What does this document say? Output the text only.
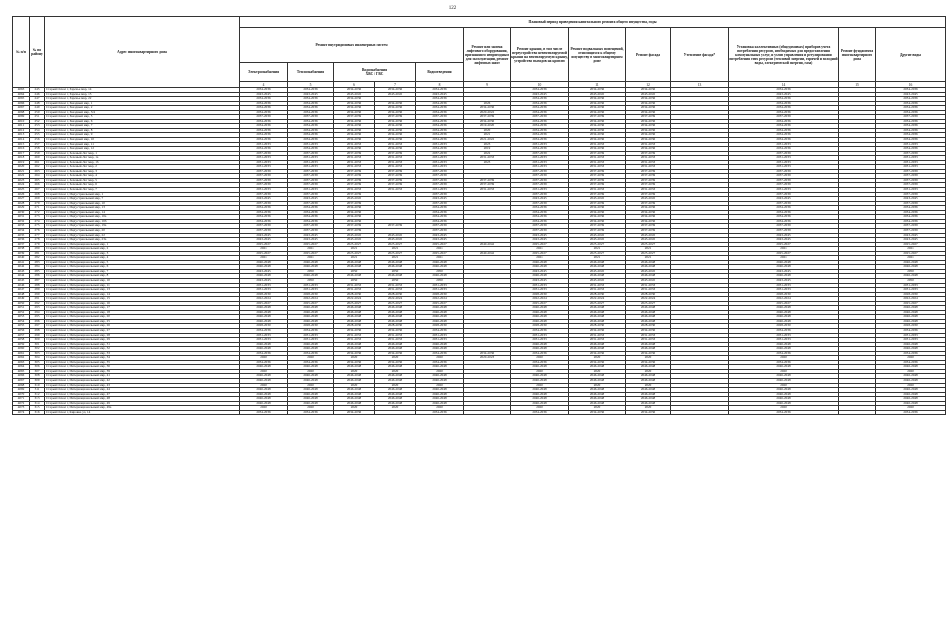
122
№ п/п	№ по району	Адрес многоквартирного дома	Плановый период проведения капитального ремонта общего имущества, годы												
			Ремонт внутридомовых инженерных систем					Ремонт или замена лифтового оборудования, признанного непригодным для эксплуатации, ремонт лифтовых шахт	Ремонт крыши, в том числе переустройство невентилируемой крыши на вентилируемую крышу, устройство выходов на кровлю	Ремонт подвальных помещений, относящихся к общему имуществу в многоквартирном доме	Ремонт фасада	Утепление фасада*	Установка коллективных (общедомовых) приборов учета потребления ресурсов, необходимых для предоставления коммунальных услуг, и узлов управления и регулирования потребления этих ресурсов (тепловой энергии, горячей и холодной воды, электрической энергии, газа)	Ремонт фундамента многоквартирного дома	Другие виды
			Электроснабжения	Теплоснабжения	Водоснабжения
ХВС / ГВС		Водоотведения								
			4	5	6	7	8	9	10	11	12	13	14	15	16
4063	245	Старый Оскол г, Заречье мкр, 14	2034-2036	2034-2036	2034-2036	2034-2036	2034-2036		2034-2036	2034-2036	2034-2036		2034-2036		2034-2036
4064	246	Старый Оскол г, Заречье мкр, 15	2043-2045	2043-2045	2043-2045	2043-2045	2043-2045		2043-2045	2043-2045	2043-2045		2043-2045		2043-2045
4065	247	Старый Оскол г, Заречье мкр, 22	2034-2036	2034-2036	2034-2036		2034-2036		2034-2036	2034-2036	2034-2036		2034-2036		2034-2036
4066	248	Старый Оскол г, Звездный мкр, 1	2034-2036	2034-2036	2034-2036	2034-2036	2034-2036	2026	2034-2036	2034-2036	2034-2036		2034-2036		2034-2036
4067	249	Старый Оскол г, Звездный мкр, 2	2034-2036	2034-2036	2034-2036	2034-2036	2034-2036	2034-2036	2034-2036	2034-2036	2034-2036		2034-2036		2034-2036
4068	250	Старый Оскол г, Звездный мкр, 3/4	2034-2036	2034-2036	2034-2036	2034-2036	2034-2036	2020-2022	2034-2036	2034-2036	2034-2036		2034-2036		2034-2036
4069	251	Старый Оскол г, Звездный мкр, 5	2037-2039	2037-2039	2037-2039	2037-2039	2037-2039	2037-2039	2037-2039	2037-2039	2037-2039		2037-2039		2037-2039
4010	252	Старый Оскол г, Звездный мкр, 6	2034-2036	2034-2036	2034-2036	2034-2036	2034-2036	2034-2036	2034-2036	2034-2036	2034-2036		2034-2036		2034-2036
4011	253	Старый Оскол г, Звездный мкр, 7	2034-2036	2034-2036	2034-2036	2034-2036	2034-2036	2019-2020	2034-2036	2034-2036	2034-2036		2034-2036		2034-2036
4012	254	Старый Оскол г, Звездный мкр, 8	2034-2036	2034-2036	2034-2036	2034-2036	2034-2036	2020	2034-2036	2034-2036	2034-2036		2034-2036		2034-2036
4013	255	Старый Оскол г, Звездный мкр, 9	2034-2036	2034-2036	2034-2036	2034-2036	2034-2036	2021	2034-2036	2034-2036	2034-2036		2034-2036		2034-2036
4014	256	Старый Оскол г, Звездный мкр, 10	2034-2036	2034-2036	2034-2036	2034-2036	2034-2036	2021-2022	2034-2036	2034-2036	2034-2036		2034-2036		2034-2036
4015	257	Старый Оскол г, Звездный мкр, 11	2031-2033	2031-2033	2031-2033	2031-2033	2031-2033	2023	2031-2033	2031-2033	2031-2033		2031-2033		2031-2033
4016	258	Старый Оскол г, Звездный мкр, 12	2034-2036	2034-2036	2034-2036	2034-2036	2034-2036	2019	2034-2036	2034-2036	2034-2036		2034-2036		2034-2036
4017	259	Старый Оскол г, Зеленый Лог мкр, 1	2037-2039	2037-2039	2037-2039	2037-2039	2037-2039	2022	2037-2039	2037-2039	2037-2039		2037-2039		2037-2039
4018	260	Старый Оскол г, Зеленый Лог мкр, 1а	2031-2033	2031-2033	2031-2033	2031-2033	2031-2033	2031-2033	2031-2033	2031-2033	2031-2033		2031-2033		2031-2033
4019	261	Старый Оскол г, Зеленый Лог мкр, 1б	2031-2033	2031-2033	2031-2033	2031-2033	2031-2033	2023	2031-2033	2031-2033	2031-2033		2031-2033		2031-2033
4020	262	Старый Оскол г, Зеленый Лог мкр, 2	2031-2033	2031-2033	2031-2033	2031-2033	2031-2033		2031-2033	2031-2033	2031-2033		2031-2033		2031-2033
4021	263	Старый Оскол г, Зеленый Лог мкр, 3	2037-2039	2037-2039	2037-2039	2037-2039	2037-2039		2037-2039	2037-2039	2037-2039		2037-2039		2037-2039
4022	264	Старый Оскол г, Зеленый Лог мкр, 4	2037-2039	2037-2039	2037-2039	2037-2039	2037-2039		2037-2039	2037-2039	2037-2039		2037-2039		2037-2039
4023	265	Старый Оскол г, Зеленый Лог мкр, 5	2037-2039	2037-2039	2037-2039	2037-2039	2037-2039	2037-2039	2037-2039	2037-2039	2037-2039		2037-2039		2037-2039
4024	266	Старый Оскол г, Зеленый Лог мкр, 6	2037-2039	2037-2039	2037-2039	2037-2039	2037-2039	2037-2039	2037-2039	2037-2039	2037-2039		2037-2039		2037-2039
4025	267	Старый Оскол г, Зеленый Лог мкр, 7	2031-2033	2031-2033	2031-2033	2031-2033	2031-2033	2031-2033	2031-2033	2031-2033	2031-2033		2031-2033		2031-2033
4026	268	Старый Оскол г, Индустриальный мкр, 1	2037-2039	2037-2039	2037-2039		2037-2039		2037-2039	2037-2039	2037-2039		2037-2039		2037-2039
4027	269	Старый Оскол г, Индустриальный мкр, 7	2043-2045	2043-2045	2043-2045		2043-2045		2043-2045	2043-2045	2043-2045		2043-2045		2043-2045
4028	270	Старый Оскол г, Индустриальный мкр, 10	2037-2039	2037-2039	2037-2039		2037-2039		2037-2039	2037-2039	2037-2039		2037-2039		2037-2039
4029	271	Старый Оскол г, Индустриальный мкр, 13	2034-2036	2034-2036	2034-2036		2034-2036		2034-2036	2034-2036	2034-2036		2034-2036		2034-2036
4030	272	Старый Оскол г, Индустриальный мкр, 14	2034-2036	2034-2036	2034-2036		2034-2036		2034-2036	2034-2036	2034-2036		2034-2036		2034-2036
4031	273	Старый Оскол г, Индустриальный мкр, 16а	2034-2036	2034-2036	2034-2036		2034-2036		2034-2036	2034-2036	2034-2036		2034-2036		2034-2036
4032	274	Старый Оскол г, Индустриальный мкр, 16б	2034-2036	2034-2036	2034-2036		2034-2036		2034-2036	2034-2036	2034-2036		2034-2036		2034-2036
4033	275	Старый Оскол г, Индустриальный мкр, 19а	2037-2039	2037-2039	2037-2039	2037-2039	2037-2039		2037-2039	2037-2039	2037-2039		2037-2039		2037-2039
4034	276	Старый Оскол г, Индустриальный мкр, 20	2037-2039	2037-2039	2037-2039		2037-2039		2037-2039	2037-2039	2037-2039		2037-2039		2037-2039
4035	277	Старый Оскол г, Индустриальный мкр, 22	2043-2045	2043-2045	2043-2045	2043-2045	2043-2045		2043-2045	2043-2045	2043-2045		2043-2045		2043-2045
4036	278	Старый Оскол г, Индустриальный мкр, 23а	2043-2045	2043-2045	2043-2045	2043-2045	2043-2045		2043-2045	2043-2045	2043-2045		2043-2045		2043-2045
4037	279	Старый Оскол г, Интернациональный мкр, 1	2025-2027	2025-2027	2025-2027	2025-2027	2025-2027	2040-2042	2025-2027	2025-2027	2025-2027		2025-2027		2025-2027
4038	280	Старый Оскол г, Интернациональный мкр, 2	2021	2021	2021	2021	2021		2021	2021	2021		2021		2021
4039	281	Старый Оскол г, Интернациональный мкр, 3	2025-2027	2025-2027	2025-2027	2025-2027	2025-2027	2040-2042	2025-2027	2025-2027	2025-2027		2025-2027		2025-2027
4040	282	Старый Оскол г, Интернациональный мкр, 4	2021	2021	2021	2021	2021		2021	2021	2021		2021		2021
4041	283	Старый Оскол г, Интернациональный мкр, 5	2046-2048	2046-2048	2046-2048	2046-2048	2046-2048		2046-2048	2046-2048	2046-2048		2046-2048		2046-2048
4042	284	Старый Оскол г, Интернациональный мкр, 6	2046-2048	2046-2048	2046-2048	2046-2048	2046-2048		2046-2048	2046-2048	2046-2048		2046-2048		2046-2048
4043	285	Старый Оскол г, Интернациональный мкр, 7	2043-2045	2050	2050	2050	2050		2043-2045	2043-2045	2043-2045		2043-2045		2050
4044	286	Старый Оскол г, Интернациональный мкр, 8	2046-2048	2046-2048	2046-2048	2046-2048	2046-2048		2046-2048	2046-2048	2046-2048		2046-2048		2046-2048
4045	287	Старый Оскол г, Интернациональный мкр, 10	2043-2045	2050	2050	2050	2050		2043-2045	2043-2045	2043-2045		2043-2045		2050
4046	288	Старый Оскол г, Интернациональный мкр, 11	2031-2033	2031-2033	2031-2033	2031-2033	2031-2033		2031-2033	2031-2033	2031-2033		2031-2033		2031-2033
4047	289	Старый Оскол г, Интернациональный мкр, 13	2031-2033	2031-2033	2031-2033	2031-2033	2031-2033		2031-2033	2031-2033	2031-2033		2031-2033		2031-2033
4048	290	Старый Оскол г, Интернациональный мкр, 14	2028-2030	2028-2030	2028-2030	2028-2030	2028-2030		2028-2030	2028-2030	2028-2030		2028-2030		2028-2030
4049	291	Старый Оскол г, Интернациональный мкр, 15	2022-2024	2022-2024	2022-2024	2022-2024	2022-2024		2022-2024	2022-2024	2022-2024		2022-2024		2022-2024
4050	292	Старый Оскол г, Интернациональный мкр, 16	2025-2027	2025-2027	2025-2027	2025-2027	2025-2027		2025-2027	2025-2027	2025-2027		2025-2027		2025-2027
4051	293	Старый Оскол г, Интернациональный мкр, 17	2046-2048	2046-2048	2046-2048	2046-2048	2046-2048		2046-2048	2046-2048	2046-2048		2046-2048		2046-2048
4052	294	Старый Оскол г, Интернациональный мкр, 18	2046-2048	2046-2048	2046-2048	2046-2048	2046-2048		2046-2048	2046-2048	2046-2048		2046-2048		2046-2048
4053	295	Старый Оскол г, Интернациональный мкр, 20	2046-2048	2046-2048	2046-2048	2046-2048	2046-2048		2046-2048	2046-2048	2046-2048		2046-2048		2046-2048
4054	296	Старый Оскол г, Интернациональный мкр, 25	2046-2048	2046-2048	2046-2048	2046-2048	2046-2048		2046-2048	2046-2048	2046-2048		2046-2048		2046-2048
4055	297	Старый Оскол г, Интернациональный мкр, 26	2028-2030	2028-2030	2028-2030	2028-2030	2028-2030		2028-2030	2028-2030	2028-2030		2028-2030		2028-2030
4056	298	Старый Оскол г, Интернациональный мкр, 27	2034-2036	2034-2036	2034-2036	2034-2036	2034-2036		2034-2036	2034-2036	2034-2036		2034-2036		2034-2036
4057	299	Старый Оскол г, Интернациональный мкр, 28	2031-2033	2031-2033	2031-2033	2031-2033	2031-2033		2031-2033	2031-2033	2031-2033		2031-2033		2031-2033
4058	300	Старый Оскол г, Интернациональный мкр, 29	2031-2033	2031-2033	2031-2033	2031-2033	2031-2033		2031-2033	2031-2033	2031-2033		2031-2033		2031-2033
4059	301	Старый Оскол г, Интернациональный мкр, 31	2046-2048	2046-2048	2046-2048	2046-2048	2046-2048		2046-2048	2046-2048	2046-2048		2046-2048		2046-2048
4060	302	Старый Оскол г, Интернациональный мкр, 32	2046-2048	2046-2048	2046-2048	2046-2048	2046-2048		2046-2048	2046-2048	2046-2048		2046-2048		2046-2048
4061	303	Старый Оскол г, Интернациональный мкр, 33	2034-2036	2034-2036	2034-2036	2034-2036	2034-2036	2034-2036	2034-2036	2034-2036	2034-2036		2034-2036		2034-2036
4062	304	Старый Оскол г, Интернациональный мкр, 34	2020	2020	2020	2020	2020	2020-2023	2020	2020	2020		2020		2020
4063	305	Старый Оскол г, Интернациональный мкр, 35	2034-2036	2034-2036	2034-2036	2034-2036	2034-2036		2034-2036	2034-2036	2034-2036		2034-2036		2034-2036
4064	306	Старый Оскол г, Интернациональный мкр, 36	2046-2048	2046-2048	2046-2048	2046-2048	2046-2048		2046-2048	2046-2048	2046-2048		2046-2048		2046-2048
4065	307	Старый Оскол г, Интернациональный мкр, 39	2020	2020	2020	2020	2020		2020	2020	2020		2020		2020
4066	308	Старый Оскол г, Интернациональный мкр, 41	2046-2048	2046-2048	2046-2048	2046-2048	2046-2048		2046-2048	2046-2048	2046-2048		2046-2048		2046-2048
4067	309	Старый Оскол г, Интернациональный мкр, 42	2046-2048	2046-2048	2046-2048	2046-2048	2046-2048		2046-2048	2046-2048	2046-2048		2046-2048		2046-2048
4068	310	Старый Оскол г, Интернациональный мкр, 43	2020	2020	2020	2020	2020		2020	2020	2020		2020		2020
4069	311	Старый Оскол г, Интернациональный мкр, 44	2046-2048	2046-2048	2046-2048	2046-2048	2046-2048		2046-2048	2046-2048	2046-2048		2046-2048		2046-2048
4070	312	Старый Оскол г, Интернациональный мкр, 47	2046-2048	2046-2048	2046-2048	2046-2048	2046-2048		2046-2048	2046-2048	2046-2048		2046-2048		2046-2048
4071	313	Старый Оскол г, Интернациональный мкр, 48	2046-2048	2046-2048	2046-2048	2046-2048	2046-2048		2046-2048	2046-2048	2046-2048		2046-2048		2046-2048
4072	314	Старый Оскол г, Интернациональный мкр, 49	2046-2048	2046-2048	2046-2048	2046-2048	2046-2048		2046-2048	2046-2048	2046-2048		2046-2048		2046-2048
4073	315	Старый Оскол г, Интернациональный мкр, 49а	2020	2020	2020	2020	2020		2020	2020	2020		2020		2020
4074	316	Старый Оскол г, Кировка ул, 14	2034-2036	2034-2036	2034-2036		2034-2036		2034-2036	2034-2036	2034-2036		2034-2036		2034-2036
